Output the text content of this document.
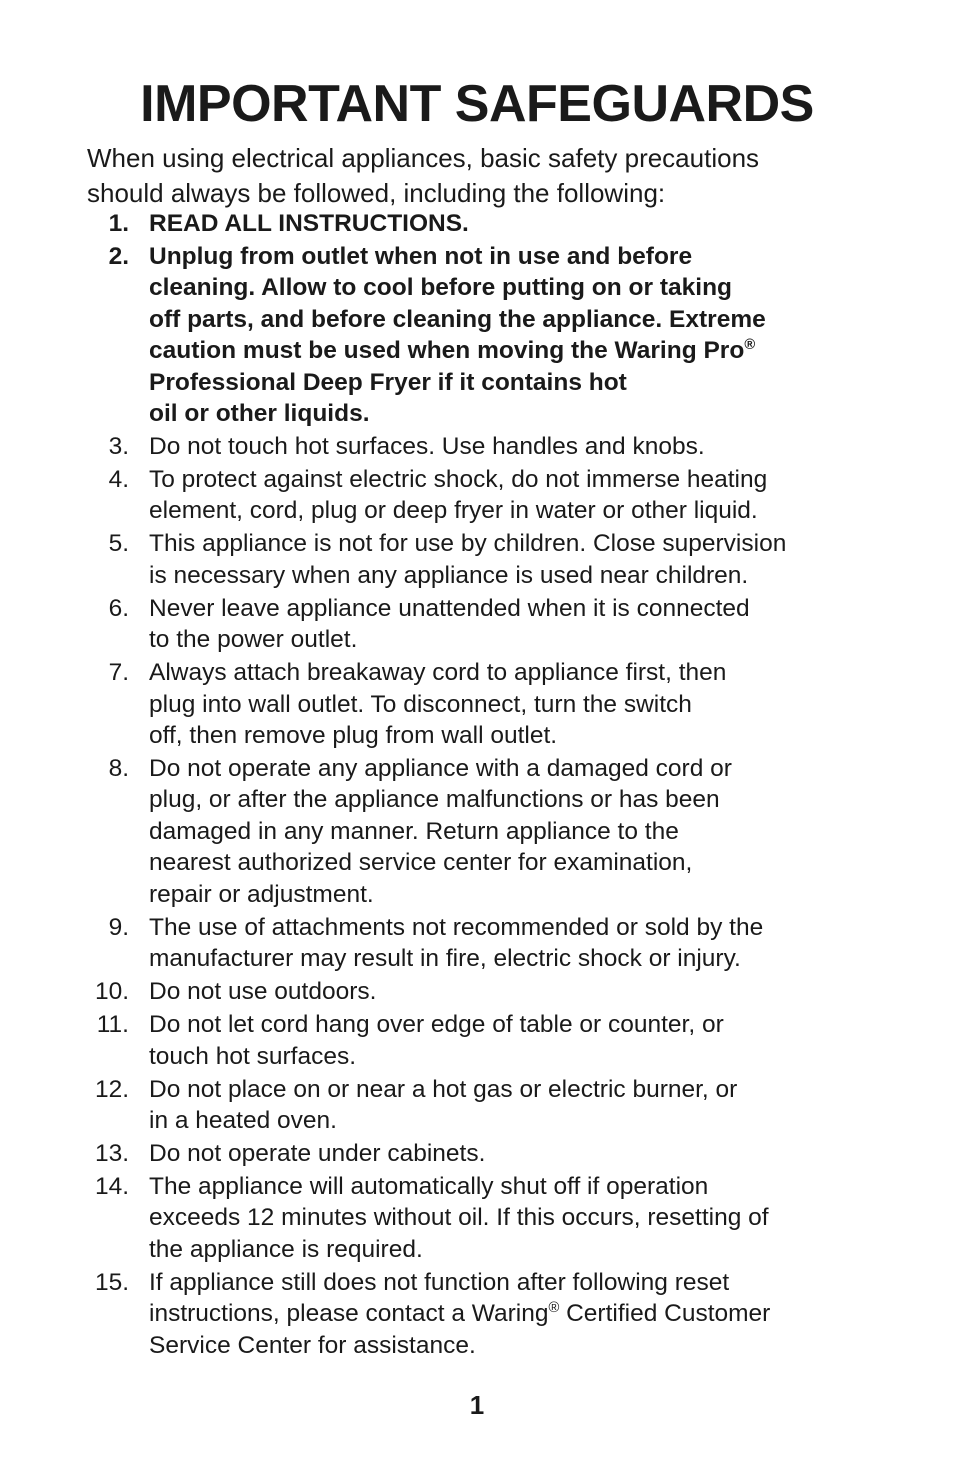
IMPORTANT SAFEGUARDS

When using electrical appliances, basic safety precautions
should always be followed, including the following:

1. READ ALL INSTRUCTIONS.
2. Unplug from outlet when not in use and before
cleaning. Allow to cool before putting on or taking
off parts, and before cleaning the appliance. Extreme
caution must be used when moving the Waring Pro®
Professional Deep Fryer if it contains hot
oil or other liquids.
3. Do not touch hot surfaces. Use handles and knobs.
4. To protect against electric shock, do not immerse heating
element, cord, plug or deep fryer in water or other liquid.
5. This appliance is not for use by children. Close supervision
is necessary when any appliance is used near children.
6. Never leave appliance unattended when it is connected
to the power outlet.
7. Always attach breakaway cord to appliance first, then
plug into wall outlet. To disconnect, turn the switch
off, then remove plug from wall outlet.
8. Do not operate any appliance with a damaged cord or
plug, or after the appliance malfunctions or has been
damaged in any manner. Return appliance to the
nearest authorized service center for examination,
repair or adjustment.
9. The use of attachments not recommended or sold by the
manufacturer may result in fire, electric shock or injury.
10. Do not use outdoors.
11. Do not let cord hang over edge of table or counter, or
touch hot surfaces.
12. Do not place on or near a hot gas or electric burner, or
in a heated oven.
13. Do not operate under cabinets.
14. The appliance will automatically shut off if operation
exceeds 12 minutes without oil. If this occurs, resetting of
the appliance is required.
15. If appliance still does not function after following reset
instructions, please contact a Waring® Certified Customer
Service Center for assistance.
1
